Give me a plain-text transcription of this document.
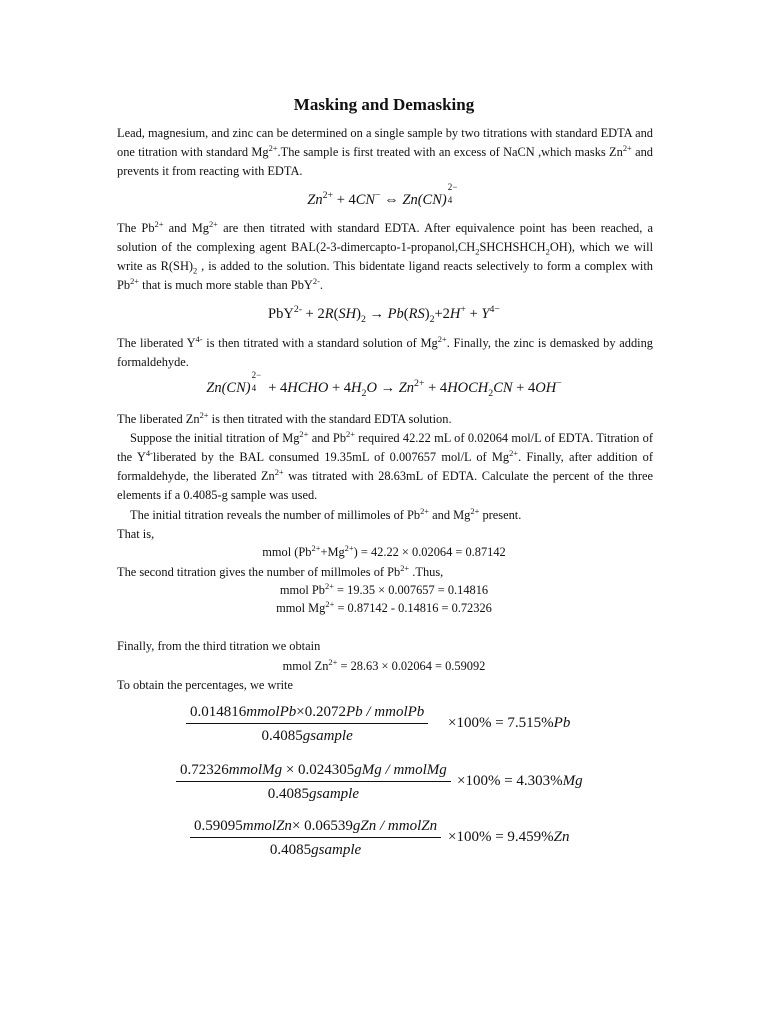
Masking and Demasking
Lead, magnesium, and zinc can be determined on a single sample by two titrations with standard EDTA and one titration with standard $Mg^{2+}.The$ sample is first treated with an excess of NaCN ,which masks $Zn^{2+}$ and prevents it from reacting with EDTA.
$Zn^{2+} + 4CN^-$ ⇔ Zn(CN)
2−
4
The $Pb^{2+}$ and $Mg^{2+}$ are then titrated with standard EDTA. After equivalence point has been reached, a solution of the complexing agent $BAL(2-3-dimercapto-1-propanol,CH_2SHCHSHCH_2OH)$, which we will write as $R(SH)_2$ , is added to the solution. This bidentate ligand reacts selectively to form a complex with $Pb^{2+}$ that is much more stable than PbY$^{2-}$.
$PbY^{2-} + 2R(SH)_2 \to Pb(RS)_2+2H^+ + Y^{4-}$
The liberated $Y^{4-}$ is then titrated with a standard solution of $Mg^{2+}$. Finally, the zinc is demasked by adding formaldehyde.
Zn(CN)
2−
4 + 4HCHO + $4H_2O \to Zn^{2+}$ + $4HOCH_2CN + 4OH^-$
The liberated $Zn^{2+}$ is then titrated with the standard EDTA solution.
Suppose the initial titration of $Mg^{2+}$ and $Pb^{2+}$ required 42.22 mL of 0.02064 mol/L of EDTA. Titration of the $Y^{4-}liberated$ by the BAL consumed 19.35mL of 0.007657 mol/L of $Mg^{2+}$. Finally, after addition of formaldehyde, the liberated $Zn^{2+}$ was titrated with 28.63mL of EDTA. Calculate the percent of the three elements if a 0.4085-g sample was used.
The initial titration reveals the number of millimoles of $Pb^{2+}$ and $Mg^{2+}$ present.
That is,
mmol $(Pb^{2+}+Mg^{2+}) = 42.22 \times 0.02064 = 0.87142$
The second titration gives the number of millmoles of $Pb^{2+}$ .Thus,
mmol $Pb^{2+} = 19.35 \times 0.007657 = 0.14816$
mmol $Mg^{2+} = 0.87142 - 0.14816 = 0.72326$
Finally, from the third titration we obtain
mmol $Zn^{2+} = 28.63 \times 0.02064 = 0.59092$
To obtain the percentages, we write
0.014816mmolPb×0.2072Pb / mmolPb
0.4085gsample
×100% = 7.515%Pb
0.72326mmolMg × 0.024305gMg / mmolMg
0.4085gsample
×100% = 4.303%Mg
0.59095mmolZn× 0.06539gZn / mmolZn
0.4085gsample
×100% = 9.459%Zn
